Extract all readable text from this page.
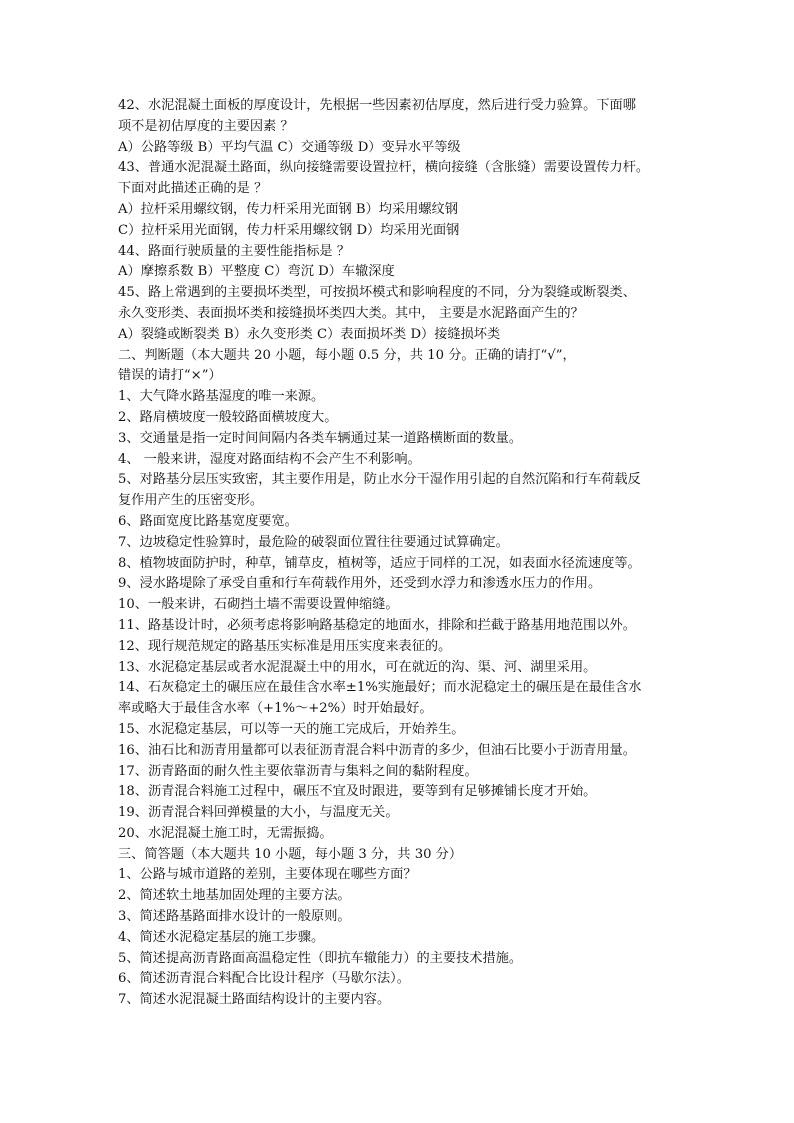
42、水泥混凝土面板的厚度设计，先根据一些因素初估厚度，然后进行受力验算。下面哪
项不是初估厚度的主要因素 ？
A）公路等级 B）平均气温 C）交通等级 D）变异水平等级
43、普通水泥混凝土路面，纵向接缝需要设置拉杆，横向接缝（含胀缝）需要设置传力杆。
下面对此描述正确的是 ？
A）拉杆采用螺纹钢，传力杆采用光面钢 B）均采用螺纹钢
C）拉杆采用光面钢，传力杆采用螺纹钢 D）均采用光面钢
44、路面行驶质量的主要性能指标是 ？
A）摩擦系数 B）平整度 C）弯沉 D）车辙深度
45、路上常遇到的主要损坏类型，可按损坏模式和影响程度的不同，分为裂缝或断裂类、
永久变形类、表面损坏类和接缝损坏类四大类。其中， 主要是水泥路面产生的？
A）裂缝或断裂类 B）永久变形类 C）表面损坏类 D）接缝损坏类
二、判断题（本大题共 20 小题，每小题 0.5 分，共 10 分。正确的请打“√”，
错误的请打“×”）
1、大气降水路基湿度的唯一来源。
2、路肩横坡度一般较路面横坡度大。
3、交通量是指一定时间间隔内各类车辆通过某一道路横断面的数量。
4、 一般来讲，湿度对路面结构不会产生不利影响。
5、对路基分层压实致密，其主要作用是，防止水分干湿作用引起的自然沉陷和行车荷载反
复作用产生的压密变形。
6、路面宽度比路基宽度要宽。
7、边坡稳定性验算时，最危险的破裂面位置往往要通过试算确定。
8、植物坡面防护时，种草，铺草皮，植树等，适应于同样的工况，如表面水径流速度等。
9、浸水路堤除了承受自重和行车荷载作用外，还受到水浮力和渗透水压力的作用。
10、一般来讲，石砌挡土墙不需要设置伸缩缝。
11、路基设计时，必须考虑将影响路基稳定的地面水，排除和拦截于路基用地范围以外。
12、现行规范规定的路基压实标准是用压实度来表征的。
13、水泥稳定基层或者水泥混凝土中的用水，可在就近的沟、渠、河、湖里采用。
14、石灰稳定土的碾压应在最佳含水率±1%实施最好；而水泥稳定土的碾压是在最佳含水
率或略大于最佳含水率（+1%～+2%）时开始最好。
15、水泥稳定基层，可以等一天的施工完成后，开始养生。
16、油石比和沥青用量都可以表征沥青混合料中沥青的多少，但油石比要小于沥青用量。
17、沥青路面的耐久性主要依靠沥青与集料之间的黏附程度。
18、沥青混合料施工过程中，碾压不宜及时跟进，要等到有足够摊铺长度才开始。
19、沥青混合料回弹模量的大小，与温度无关。
20、水泥混凝土施工时，无需振捣。
三、简答题（本大题共 10 小题，每小题 3 分，共 30 分）
1、公路与城市道路的差别，主要体现在哪些方面？
2、简述软土地基加固处理的主要方法。
3、简述路基路面排水设计的一般原则。
4、简述水泥稳定基层的施工步骤。
5、简述提高沥青路面高温稳定性（即抗车辙能力）的主要技术措施。
6、简述沥青混合料配合比设计程序（马歇尔法）。
7、简述水泥混凝土路面结构设计的主要内容。
